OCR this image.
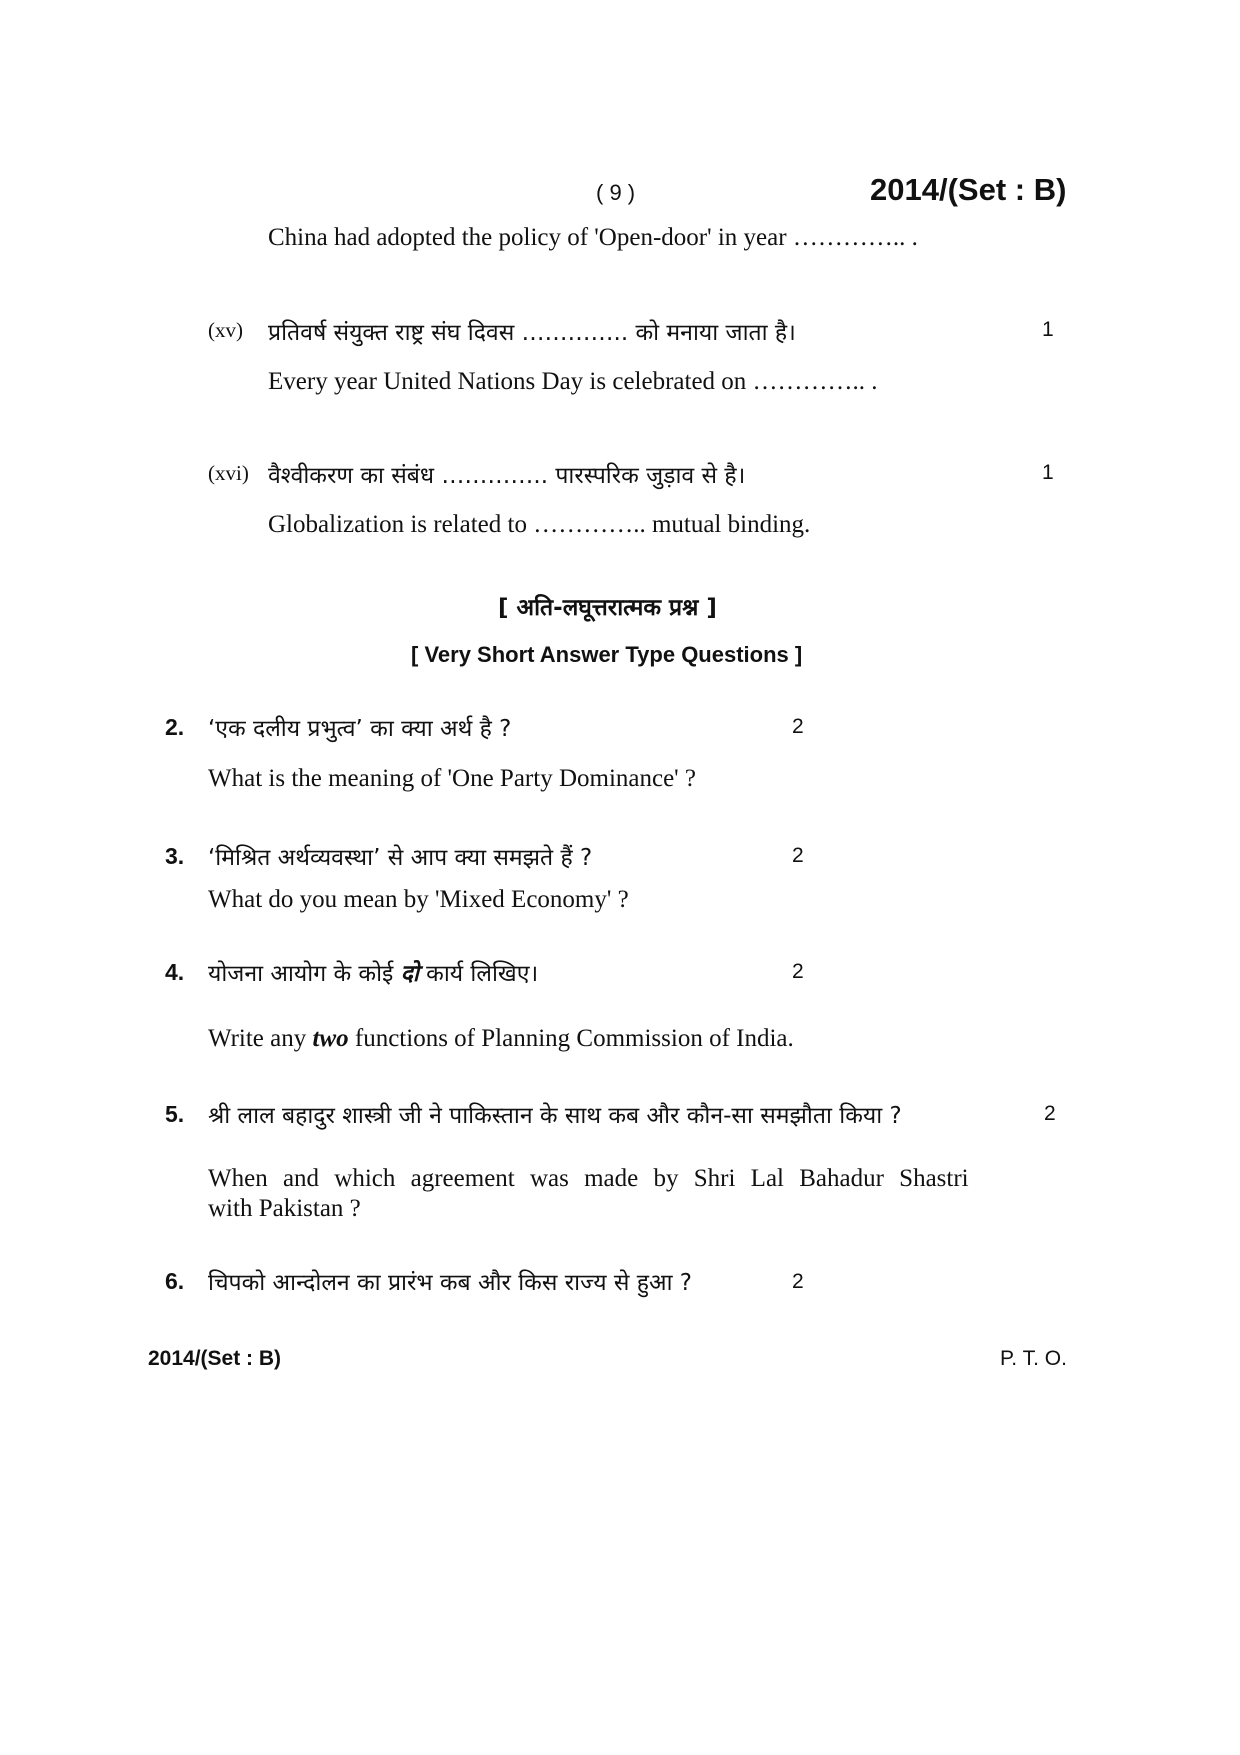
( 9 )	2014/(Set : B)
China had adopted the policy of 'Open-door' in year ………….. .
(xv) प्रतिवर्ष संयुक्त राष्ट्र संघ दिवस ………….. को मनाया जाता है।	1
Every year United Nations Day is celebrated on ………….. .
(xvi) वैश्वीकरण का संबंध ………….. पारस्परिक जुड़ाव से है।	1
Globalization is related to ………….. mutual binding.
[ अति-लघूत्तरात्मक प्रश्न ]
[ Very Short Answer Type Questions ]
2. ‘एक दलीय प्रभुत्व’ का क्या अर्थ है ?	2
What is the meaning of 'One Party Dominance' ?
3. ‘मिश्रित अर्थव्यवस्था’ से आप क्या समझते हैं ?	2
What do you mean by 'Mixed Economy' ?
4. योजना आयोग के कोई दो कार्य लिखिए।	2
Write any two functions of Planning Commission of India.
5. श्री लाल बहादुर शास्त्री जी ने पाकिस्तान के साथ कब और कौन-सा समझौता किया ?	2
When and which agreement was made by Shri Lal Bahadur Shastri
with Pakistan ?
6. चिपको आन्दोलन का प्रारंभ कब और किस राज्य से हुआ ?	2
2014/(Set : B)	P. T. O.
